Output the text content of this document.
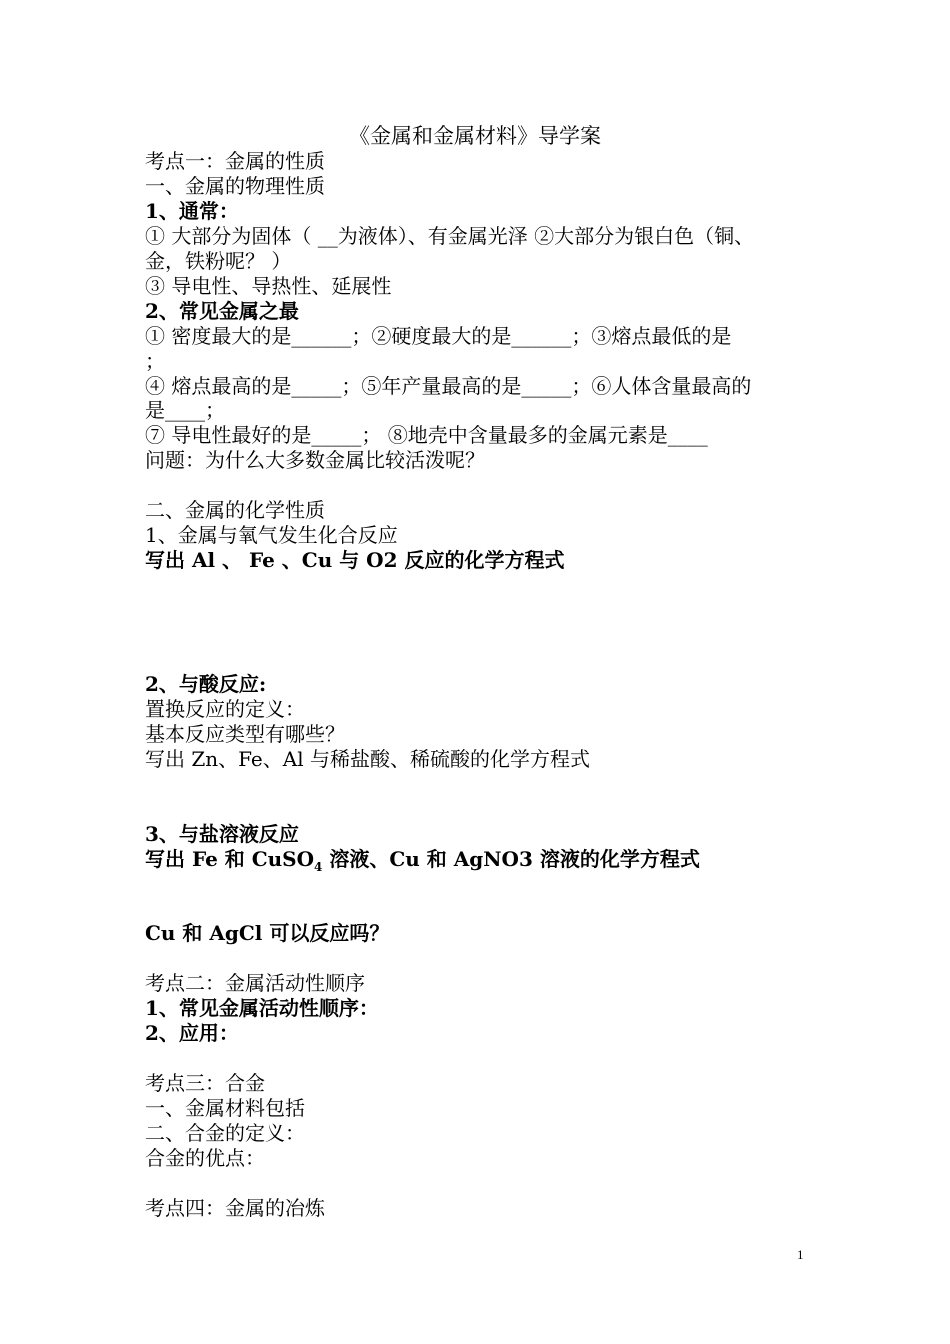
《金属和金属材料》导学案
考点一：金属的性质
一、金属的物理性质
1、通常：
① 大部分为固体（ __为液体）、有金属光泽 ②大部分为银白色（铜、
金，铁粉呢？ ）
③ 导电性、导热性、延展性
2、常见金属之最
① 密度最大的是______；②硬度最大的是______；③熔点最低的是
；
④ 熔点最高的是_____；⑤年产量最高的是_____；⑥人体含量最高的
是____；
⑦ 导电性最好的是_____； ⑧地壳中含量最多的金属元素是____
问题：为什么大多数金属比较活泼呢？
二、金属的化学性质
1、金属与氧气发生化合反应
写出 Al 、 Fe 、Cu 与 O2 反应的化学方程式
2、与酸反应:
置换反应的定义：
基本反应类型有哪些？
写出 Zn、Fe、Al 与稀盐酸、稀硫酸的化学方程式
3、与盐溶液反应
写出 Fe 和 CuSO$_4$ 溶液、Cu 和 AgNO3 溶液的化学方程式
Cu 和 AgCl 可以反应吗？
考点二：金属活动性顺序
1、常见金属活动性顺序：
2、应用：
考点三：合金
一、金属材料包括
二、合金的定义：
合金的优点：
考点四：金属的冶炼
1
